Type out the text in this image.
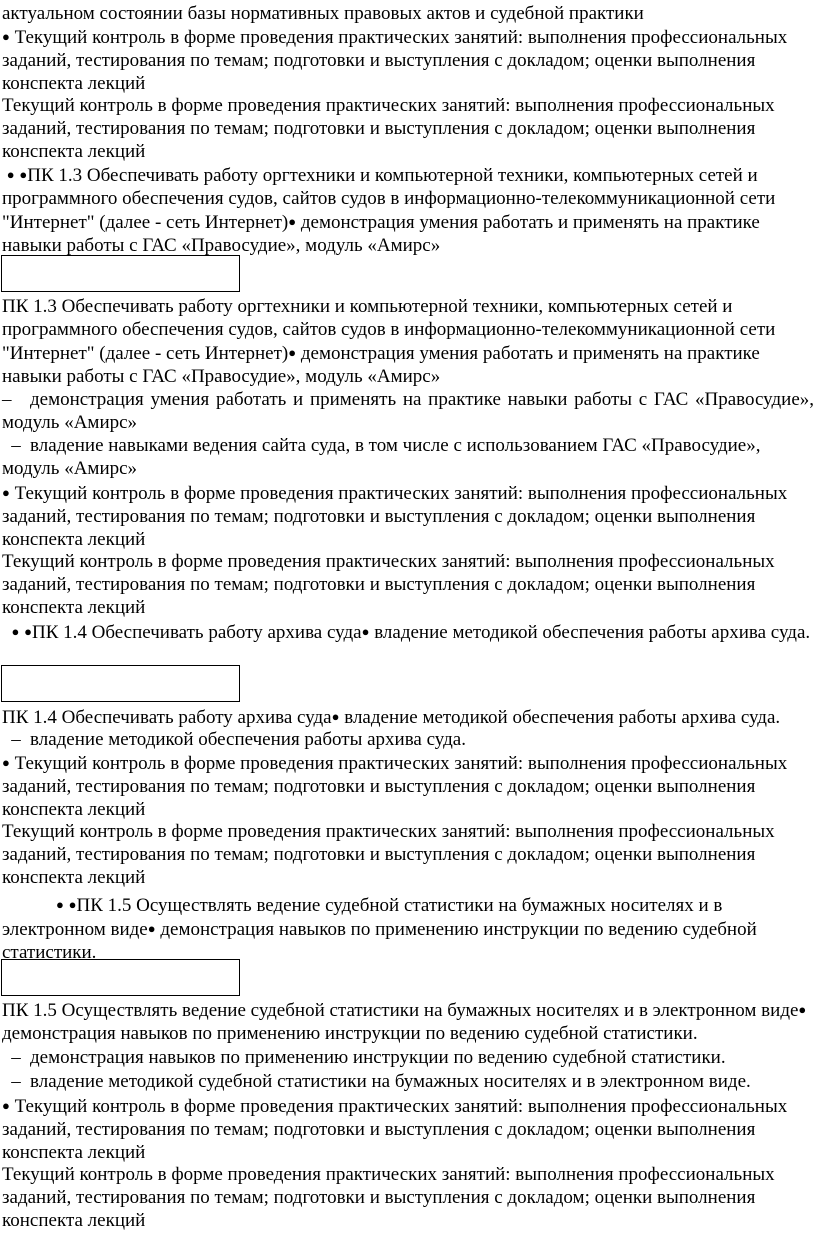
актуальном состоянии базы нормативных правовых актов и судебной практики
● Текущий контроль в форме проведения практических занятий: выполнения профессиональных заданий, тестирования по темам; подготовки и выступления с докладом; оценки выполнения конспекта лекций
Текущий контроль в форме проведения практических занятий: выполнения профессиональных заданий, тестирования по темам; подготовки и выступления с докладом; оценки выполнения конспекта лекций
● ●ПК 1.3 Обеспечивать работу оргтехники и компьютерной техники, компьютерных сетей и программного обеспечения судов, сайтов судов в информационно-телекоммуникационной сети "Интернет" (далее - сеть Интернет)● демонстрация умения работать и применять на практике навыки работы с ГАС «Правосудие», модуль «Амирс»
ПК 1.3 Обеспечивать работу оргтехники и компьютерной техники, компьютерных сетей и программного обеспечения судов, сайтов судов в информационно-телекоммуникационной сети "Интернет" (далее - сеть Интернет)● демонстрация умения работать и применять на практике навыки работы с ГАС «Правосудие», модуль «Амирс»
– демонстрация умения работать и применять на практике навыки работы с ГАС «Правосудие», модуль «Амирс»
– владение навыками ведения сайта суда, в том числе с использованием ГАС «Правосудие», модуль «Амирс»
● Текущий контроль в форме проведения практических занятий: выполнения профессиональных заданий, тестирования по темам; подготовки и выступления с докладом; оценки выполнения конспекта лекций
Текущий контроль в форме проведения практических занятий: выполнения профессиональных заданий, тестирования по темам; подготовки и выступления с докладом; оценки выполнения конспекта лекций
● ●ПК 1.4 Обеспечивать работу архива суда● владение методикой обеспечения работы архива суда.
ПК 1.4 Обеспечивать работу архива суда● владение методикой обеспечения работы архива суда.
– владение методикой обеспечения работы архива суда.
● Текущий контроль в форме проведения практических занятий: выполнения профессиональных заданий, тестирования по темам; подготовки и выступления с докладом; оценки выполнения конспекта лекций
Текущий контроль в форме проведения практических занятий: выполнения профессиональных заданий, тестирования по темам; подготовки и выступления с докладом; оценки выполнения конспекта лекций
● ●ПК 1.5 Осуществлять ведение судебной статистики на бумажных носителях и в электронном виде● демонстрация навыков по применению инструкции по ведению судебной статистики.
ПК 1.5 Осуществлять ведение судебной статистики на бумажных носителях и в электронном виде● демонстрация навыков по применению инструкции по ведению судебной статистики.
– демонстрация навыков по применению инструкции по ведению судебной статистики.
– владение методикой судебной статистики на бумажных носителях и в электронном виде.
● Текущий контроль в форме проведения практических занятий: выполнения профессиональных заданий, тестирования по темам; подготовки и выступления с докладом; оценки выполнения конспекта лекций
Текущий контроль в форме проведения практических занятий: выполнения профессиональных заданий, тестирования по темам; подготовки и выступления с докладом; оценки выполнения конспекта лекций
